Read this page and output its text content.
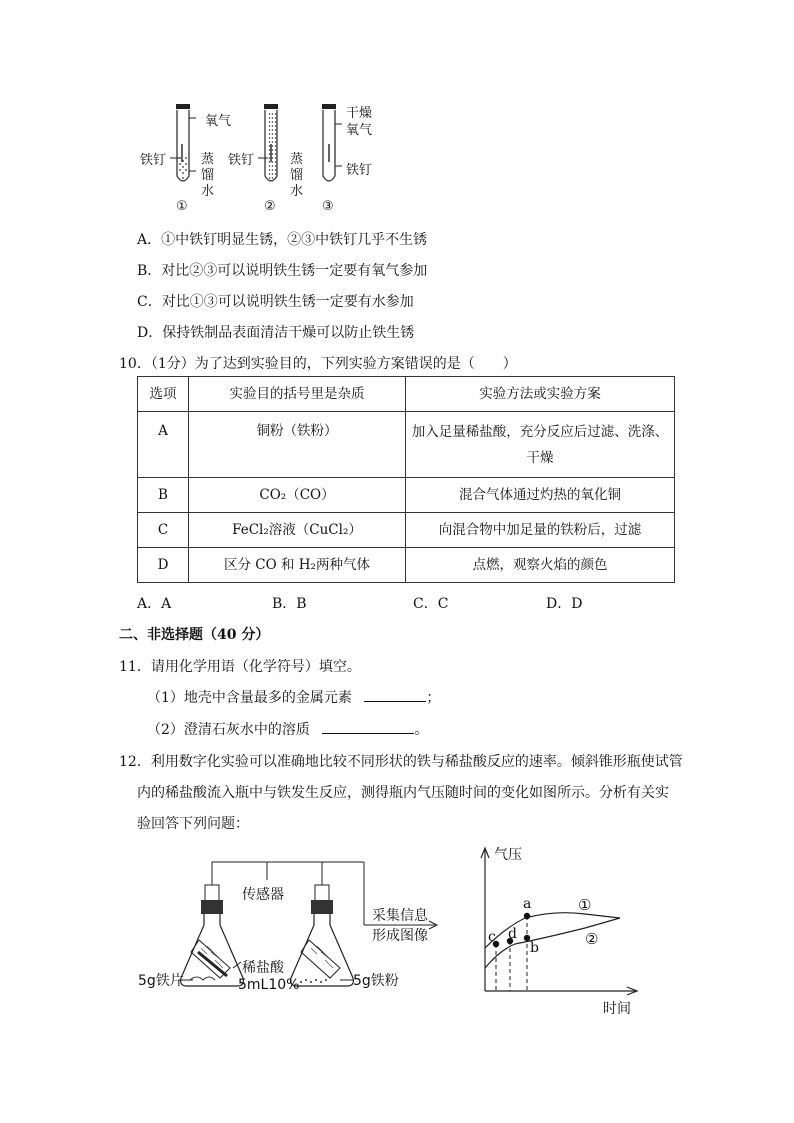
氧气
铁钉	蒸
馏
水
铁钉	蒸
馏
水
干燥
氧气
铁钉
①	②	③
A．①中铁钉明显生锈，②③中铁钉几乎不生锈
B．对比②③可以说明铁生锈一定要有氧气参加
C．对比①③可以说明铁生锈一定要有水参加
D．保持铁制品表面清洁干燥可以防止铁生锈
10．（1分）为了达到实验目的，下列实验方案错误的是（　　）
选项	实验目的括号里是杂质	实验方法或实验方案
A	铜粉（铁粉）	加入足量稀盐酸，充分反应后过滤、洗涤、
干燥

B	CO₂（CO）	混合气体通过灼热的氧化铜
C	FeCl₂溶液（CuCl₂）	向混合物中加足量的铁粉后，过滤
D	区分 CO 和 H₂两种气体	点燃，观察火焰的颜色
A．A	B．B	C．C	D．D
二、非选择题（40 分）
11．请用化学用语（化学符号）填空。
（1）地壳中含量最多的金属元素	；
（2）澄清石灰水中的溶质	。
12．利用数字化实验可以准确地比较不同形状的铁与稀盐酸反应的速率。倾斜锥形瓶使试管
内的稀盐酸流入瓶中与铁发生反应，测得瓶内气压随时间的变化如图所示。分析有关实
验回答下列问题：
传感器
采集信息
形成图像
稀盐酸
5mL10%
5g铁片	5g铁粉
气压
时间
a
b
c d
①
②
